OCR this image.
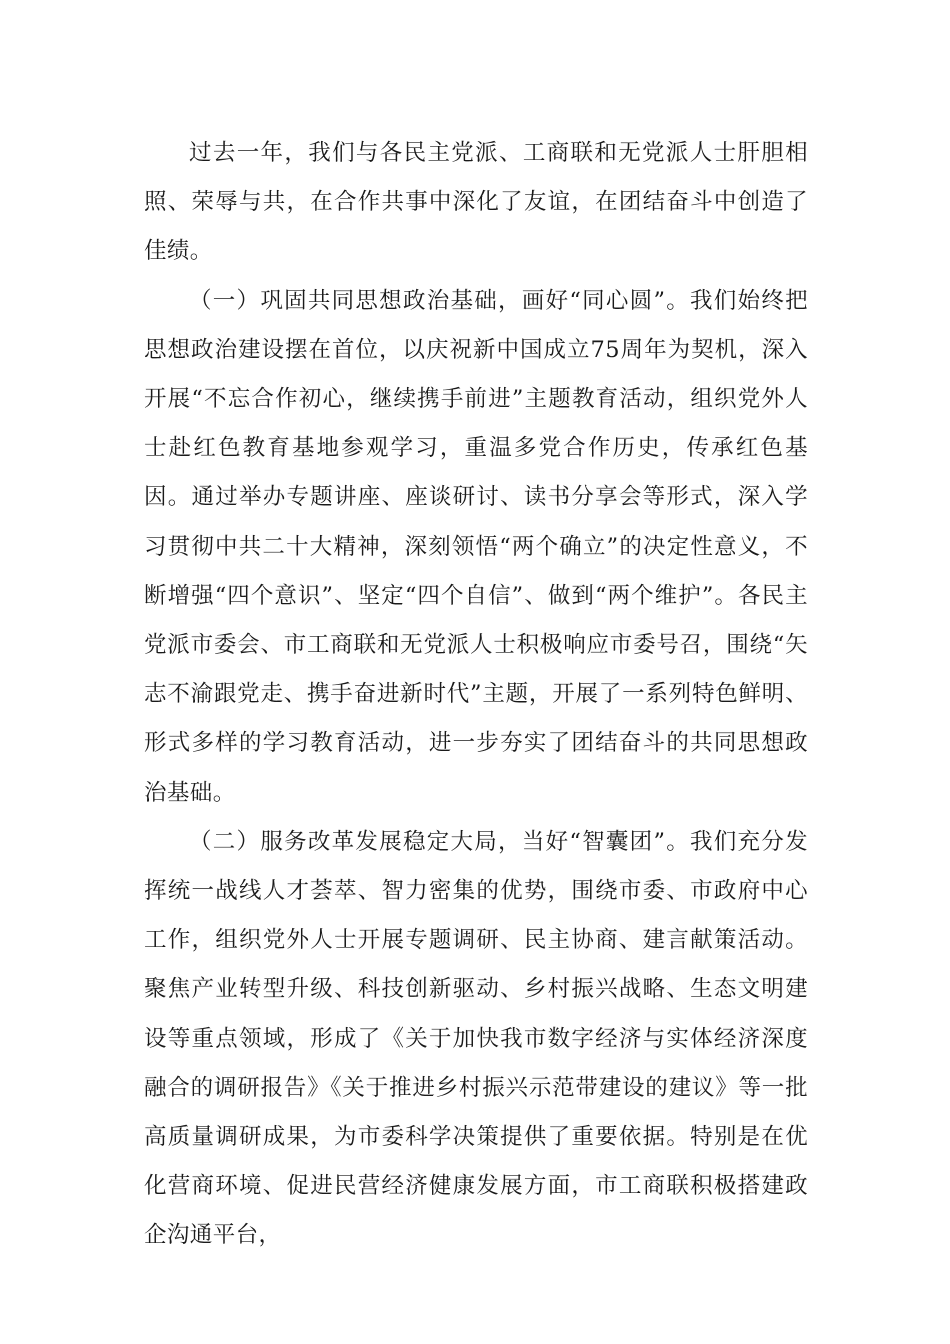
过去一年，我们与各民主党派、工商联和无党派人士肝胆相照、荣辱与共，在合作共事中深化了友谊，在团结奋斗中创造了佳绩。

（一）巩固共同思想政治基础，画好“同心圆”。我们始终把思想政治建设摆在首位，以庆祝新中国成立75周年为契机，深入开展“不忘合作初心，继续携手前进”主题教育活动，组织党外人士赴红色教育基地参观学习，重温多党合作历史，传承红色基因。通过举办专题讲座、座谈研讨、读书分享会等形式，深入学习贯彻中共二十大精神，深刻领悟“两个确立”的决定性意义，不断增强“四个意识”、坚定“四个自信”、做到“两个维护”。各民主党派市委会、市工商联和无党派人士积极响应市委号召，围绕“矢志不渝跟党走、携手奋进新时代”主题，开展了一系列特色鲜明、形式多样的学习教育活动，进一步夯实了团结奋斗的共同思想政治基础。

（二）服务改革发展稳定大局，当好“智囊团”。我们充分发挥统一战线人才荟萃、智力密集的优势，围绕市委、市政府中心工作，组织党外人士开展专题调研、民主协商、建言献策活动。聚焦产业转型升级、科技创新驱动、乡村振兴战略、生态文明建设等重点领域，形成了《关于加快我市数字经济与实体经济深度融合的调研报告》《关于推进乡村振兴示范带建设的建议》等一批高质量调研成果，为市委科学决策提供了重要依据。特别是在优化营商环境、促进民营经济健康发展方面，市工商联积极搭建政企沟通平台，
